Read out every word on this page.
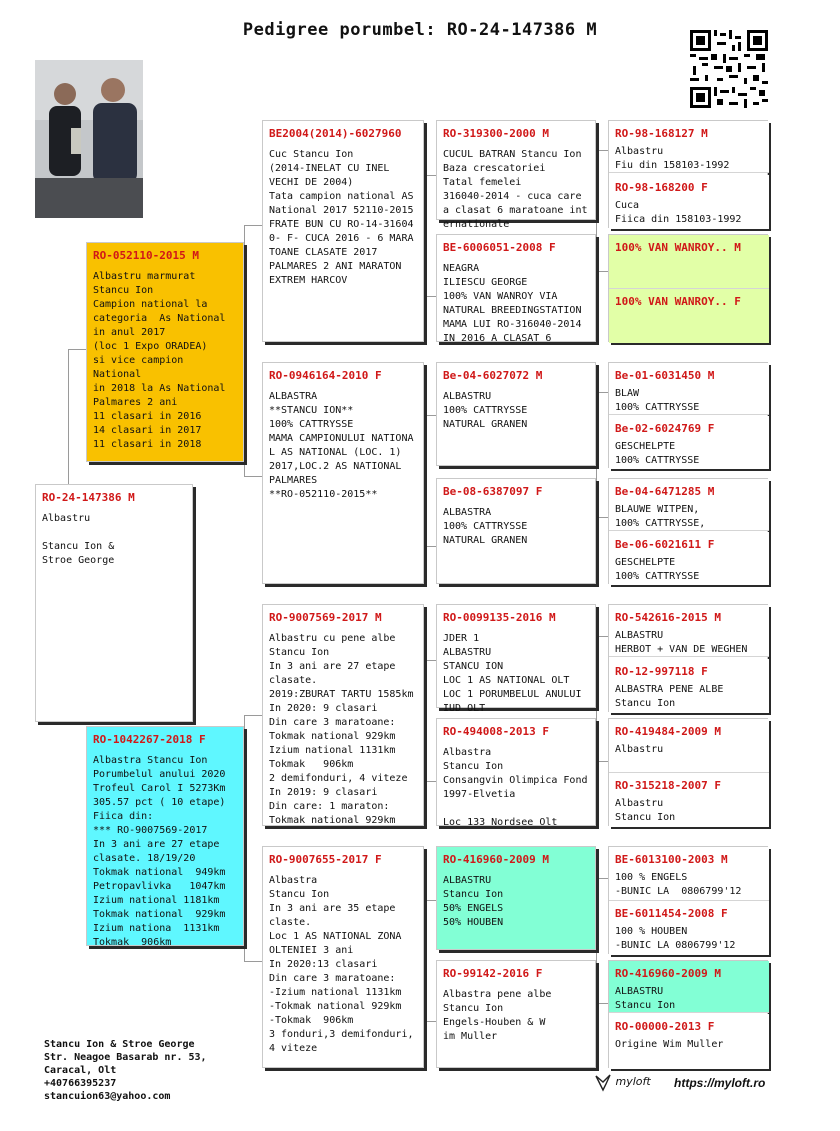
Pedigree porumbel: RO-24-147386 M
RO-24-147386 M
Albastru

Stancu Ion &
Stroe George
RO-052110-2015 M
Albastru marmurat
Stancu Ion
Campion national la
categoria  As National
in anul 2017
(loc 1 Expo ORADEA)
si vice campion National
in 2018 la As National
Palmares 2 ani
11 clasari in 2016
14 clasari in 2017
11 clasari in 2018
RO-1042267-2018 F
Albastra Stancu Ion
Porumbelul anului 2020
Trofeul Carol I 5273Km
305.57 pct ( 10 etape)
Fiica din:
*** RO-9007569-2017
In 3 ani are 27 etape
clasate. 18/19/20
Tokmak national  949km
Petropavlivka   1047km
Izium national 1181km
Tokmak national  929km
Izium nationa  1131km
Tokmak  906km
BE2004(2014)-6027960
Cuc Stancu Ion
(2014-INELAT CU INEL
VECHI DE 2004)
Tata campion national AS
National 2017 52110-2015
FRATE BUN CU RO-14-31604
0- F- CUCA 2016 - 6 MARA
TOANE CLASATE 2017
PALMARES 2 ANI MARATON
EXTREM HARCOV
RO-0946164-2010 F
ALBASTRA
**STANCU ION**
100% CATTRYSSE
MAMA CAMPIONULUI NATIONA
L AS NATIONAL (LOC. 1)
2017,LOC.2 AS NATIONAL
PALMARES
**RO-052110-2015**
RO-9007569-2017 M
Albastru cu pene albe
Stancu Ion
In 3 ani are 27 etape
clasate.
2019:ZBURAT TARTU 1585km
In 2020: 9 clasari
Din care 3 maratoane:
Tokmak national 929km
Izium national 1131km
Tokmak   906km
2 demifonduri, 4 viteze
In 2019: 9 clasari
Din care: 1 maraton:
Tokmak national 929km
RO-9007655-2017 F
Albastra
Stancu Ion
In 3 ani are 35 etape
claste.
Loc 1 AS NATIONAL ZONA
OLTENIEI 3 ani
In 2020:13 clasari
Din care 3 maratoane:
-Izium national 1131km
-Tokmak national 929km
-Tokmak  906km
3 fonduri,3 demifonduri,
4 viteze
RO-319300-2000 M
CUCUL BATRAN Stancu Ion
Baza crescatoriei
Tatal femelei
316040-2014 - cuca care
a clasat 6 maratoane int
ernationale
BE-6006051-2008 F
NEAGRA
ILIESCU GEORGE
100% VAN WANROY VIA
NATURAL BREEDINGSTATION
MAMA LUI RO-316040-2014
IN 2016 A CLASAT 6
Be-04-6027072 M
ALBASTRU
100% CATTRYSSE
NATURAL GRANEN
Be-08-6387097 F
ALBASTRA
100% CATTRYSSE
NATURAL GRANEN
RO-0099135-2016 M
JDER 1
ALBASTRU
STANCU ION
LOC 1 AS NATIONAL OLT
LOC 1 PORUMBELUL ANULUI
IUD OLT
RO-494008-2013 F
Albastra
Stancu Ion
Consangvin Olimpica Fond
1997-Elvetia

Loc 133 Nordsee Olt
RO-416960-2009 M
ALBASTRU
Stancu Ion
50% ENGELS
50% HOUBEN
RO-99142-2016 F
Albastra pene albe
Stancu Ion
Engels-Houben & W
im Muller
RO-98-168127 M
Albastru
Fiu din 158103-1992
RO-98-168200 F
Cuca
Fiica din 158103-1992
100% VAN WANROY.. M
100% VAN WANROY.. F
Be-01-6031450 M
BLAW
100% CATTRYSSE
Be-02-6024769 F
GESCHELPTE
100% CATTRYSSE
Be-04-6471285 M
BLAUWE WITPEN,
100% CATTRYSSE,
Be-06-6021611 F
GESCHELPTE
100% CATTRYSSE
RO-542616-2015 M
ALBASTRU
HERBOT + VAN DE WEGHEN
RO-12-997118 F
ALBASTRA PENE ALBE
Stancu Ion
RO-419484-2009 M
Albastru
RO-315218-2007 F
Albastru
Stancu Ion
BE-6013100-2003 M
100 % ENGELS
-BUNIC LA  0806799'12
BE-6011454-2008 F
100 % HOUBEN
-BUNIC LA 0806799'12
RO-416960-2009 M
ALBASTRU
Stancu Ion
RO-00000-2013 F
Origine Wim Muller
Stancu Ion & Stroe George
Str. Neagoe Basarab nr. 53,
Caracal, Olt
+40766395237
stancuion63@yahoo.com
myloft https://myloft.ro
